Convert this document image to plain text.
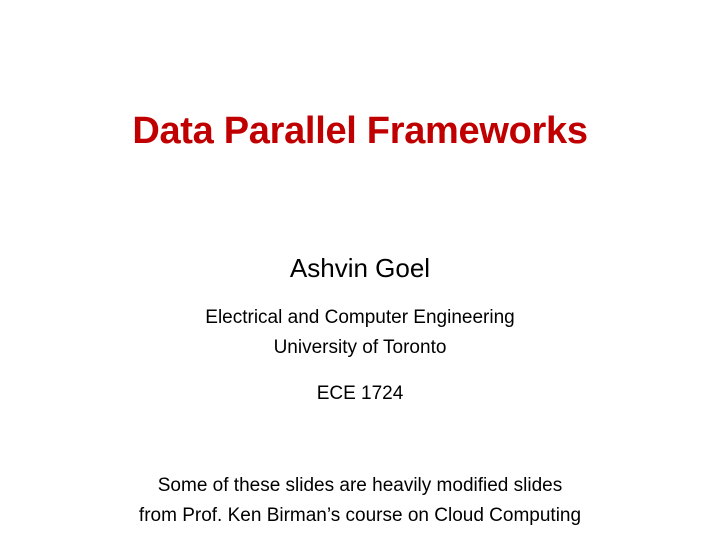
Data Parallel Frameworks
Ashvin Goel
Electrical and Computer Engineering
University of Toronto
ECE 1724
Some of these slides are heavily modified slides
from Prof. Ken Birman’s course on Cloud Computing
